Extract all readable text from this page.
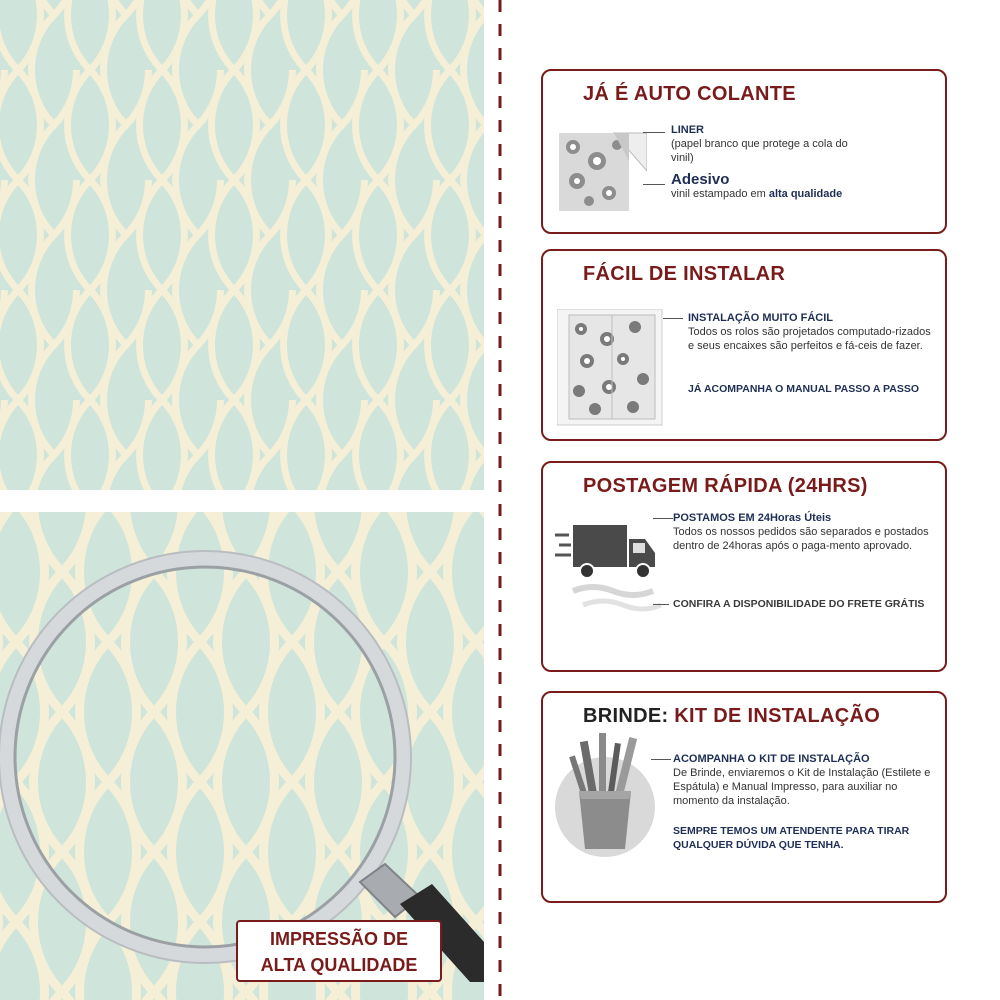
JÁ É AUTO COLANTE
LINER
(papel branco que protege a cola do vinil)
Adesivo
vinil estampado em alta qualidade
FÁCIL DE INSTALAR
INSTALAÇÃO MUITO FÁCIL
Todos os rolos são projetados computado-rizados e seus encaixes são perfeitos e fá-ceis de fazer.
JÁ ACOMPANHA O MANUAL PASSO A PASSO
POSTAGEM RÁPIDA (24HRS)
POSTAMOS EM 24Horas Úteis
Todos os nossos pedidos são separados e postados dentro de 24horas após o paga-mento aprovado.
CONFIRA A DISPONIBILIDADE DO FRETE GRÁTIS
BRINDE: KIT DE INSTALAÇÃO
ACOMPANHA O KIT DE INSTALAÇÃO
De Brinde, enviaremos o Kit de Instalação (Estilete e Espátula) e Manual Impresso, para auxiliar no momento da instalação.
SEMPRE TEMOS UM ATENDENTE PARA TIRAR QUALQUER DÚVIDA QUE TENHA.
IMPRESSÃO DE
ALTA QUALIDADE
